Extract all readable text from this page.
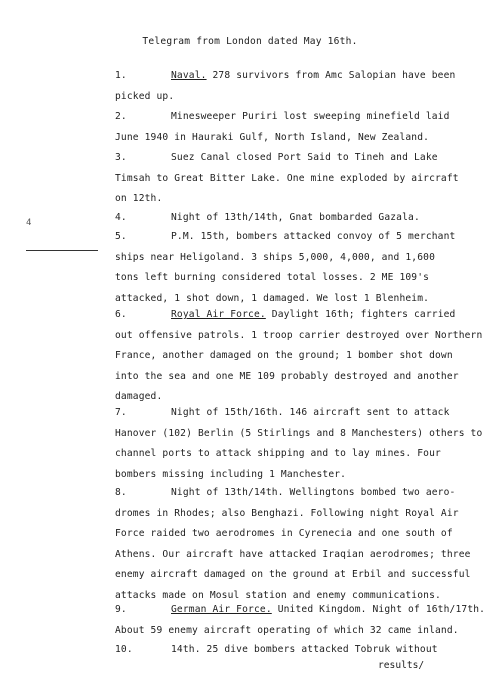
Telegram from London dated May 16th.
4
1.	Naval. 278 survivors from Amc Salopian have been
picked up.
2.	Minesweeper Puriri lost sweeping minefield laid
June 1940 in Hauraki Gulf, North Island, New Zealand.
3.	Suez Canal closed Port Said to Tineh and Lake
Timsah to Great Bitter Lake. One mine exploded by aircraft
on 12th.
4.	Night of 13th/14th, Gnat bombarded Gazala.
5.	P.M. 15th, bombers attacked convoy of 5 merchant
ships near Heligoland. 3 ships 5,000, 4,000, and 1,600
tons left burning considered total losses. 2 ME 109's
attacked, 1 shot down, 1 damaged. We lost 1 Blenheim.
6.	Royal Air Force. Daylight 16th; fighters carried
out offensive patrols. 1 troop carrier destroyed over Northern
France, another damaged on the ground; 1 bomber shot down
into the sea and one ME 109 probably destroyed and another
damaged.
7.	Night of 15th/16th. 146 aircraft sent to attack
Hanover (102) Berlin (5 Stirlings and 8 Manchesters) others to
channel ports to attack shipping and to lay mines. Four
bombers missing including 1 Manchester.
8.	Night of 13th/14th. Wellingtons bombed two aero-
dromes in Rhodes; also Benghazi. Following night Royal Air
Force raided two aerodromes in Cyrenecia and one south of
Athens. Our aircraft have attacked Iraqian aerodromes; three
enemy aircraft damaged on the ground at Erbil and successful
attacks made on Mosul station and enemy communications.
9.	German Air Force. United Kingdom. Night of 16th/17th.
About 59 enemy aircraft operating of which 32 came inland.
10.	14th. 25 dive bombers attacked Tobruk without
results/
